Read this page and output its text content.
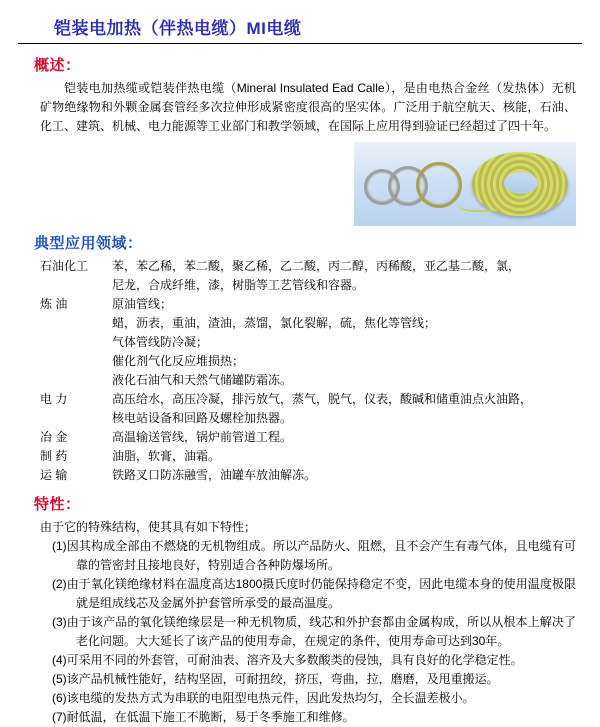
铠装电加热（伴热电缆）MI电缆
概述：
铠装电加热缆或铠装伴热电缆（Mineral Insulated Ead Calle），是由电热合金丝（发热体）无机矿物绝缘物和外颗金属套管经多次拉伸形成紧密度很高的坚实体。广泛用于航空航天、核能，石油、化工、建筑、机械、电力能源等工业部门和教学领域，在国际上应用得到验证已经超过了四十年。
典型应用领域：
石油化工	苯，苯乙稀，苯二酸，聚乙稀，乙二酸，丙二醇，丙稀酸，亚乙基二酸，氯，

尼龙，合成纤维，漆，树脂等工艺管线和容器。

炼 油	原油管线；

蜡，沥表，重油，渣油，蒸馏，氯化裂解，硫，焦化等管线；

气体管线防冷凝；

催化剂气化反应堆损热；

液化石油气和天然气储罐防霜冻。

电 力	高压给水，高压冷凝，排污放气，蒸气，脱气，仪表，酸碱和储重油点火油路，

核电站设备和回路及螺栓加热器。

冶 金	高温输送管线，锅炉前管道工程。

制 药	油脂，软膏，油霜。

运 输	铁路叉口防冻融雪，油罐车放油解冻。

特性：
由于它的特殊结构，使其具有如下特性；

(1)因其构成全部由不燃烧的无机物组成。所以产品防火、阻燃，且不会产生有毒气体，且电缆有可靠的管密封且接地良好，特别适合各种防爆场所。

(2)由于氧化镁绝缘材料在温度高达1800摄氏度时仍能保持稳定不变，因此电缆本身的使用温度极限就是组成线芯及金属外护套管所承受的最高温度。

(3)由于该产品的氧化镁绝缘层是一种无机物质，线芯和外护套都由金属构成，所以从根本上解决了老化问题。大大延长了该产品的使用寿命，在规定的条件，使用寿命可达到30年。

(4)可采用不同的外套管，可耐油表、溶齐及大多数酸类的侵蚀，具有良好的化学稳定性。

(5)该产品机械性能好，结构坚固，可耐扭绞，挤压，弯曲，拉，磨磨，及甩重搬运。

(6)该电缆的发热方式为串联的电阻型电热元件，因此发热均匀，全长温差极小。

(7)耐低温，在低温下施工不脆断，易于冬季施工和维修。
